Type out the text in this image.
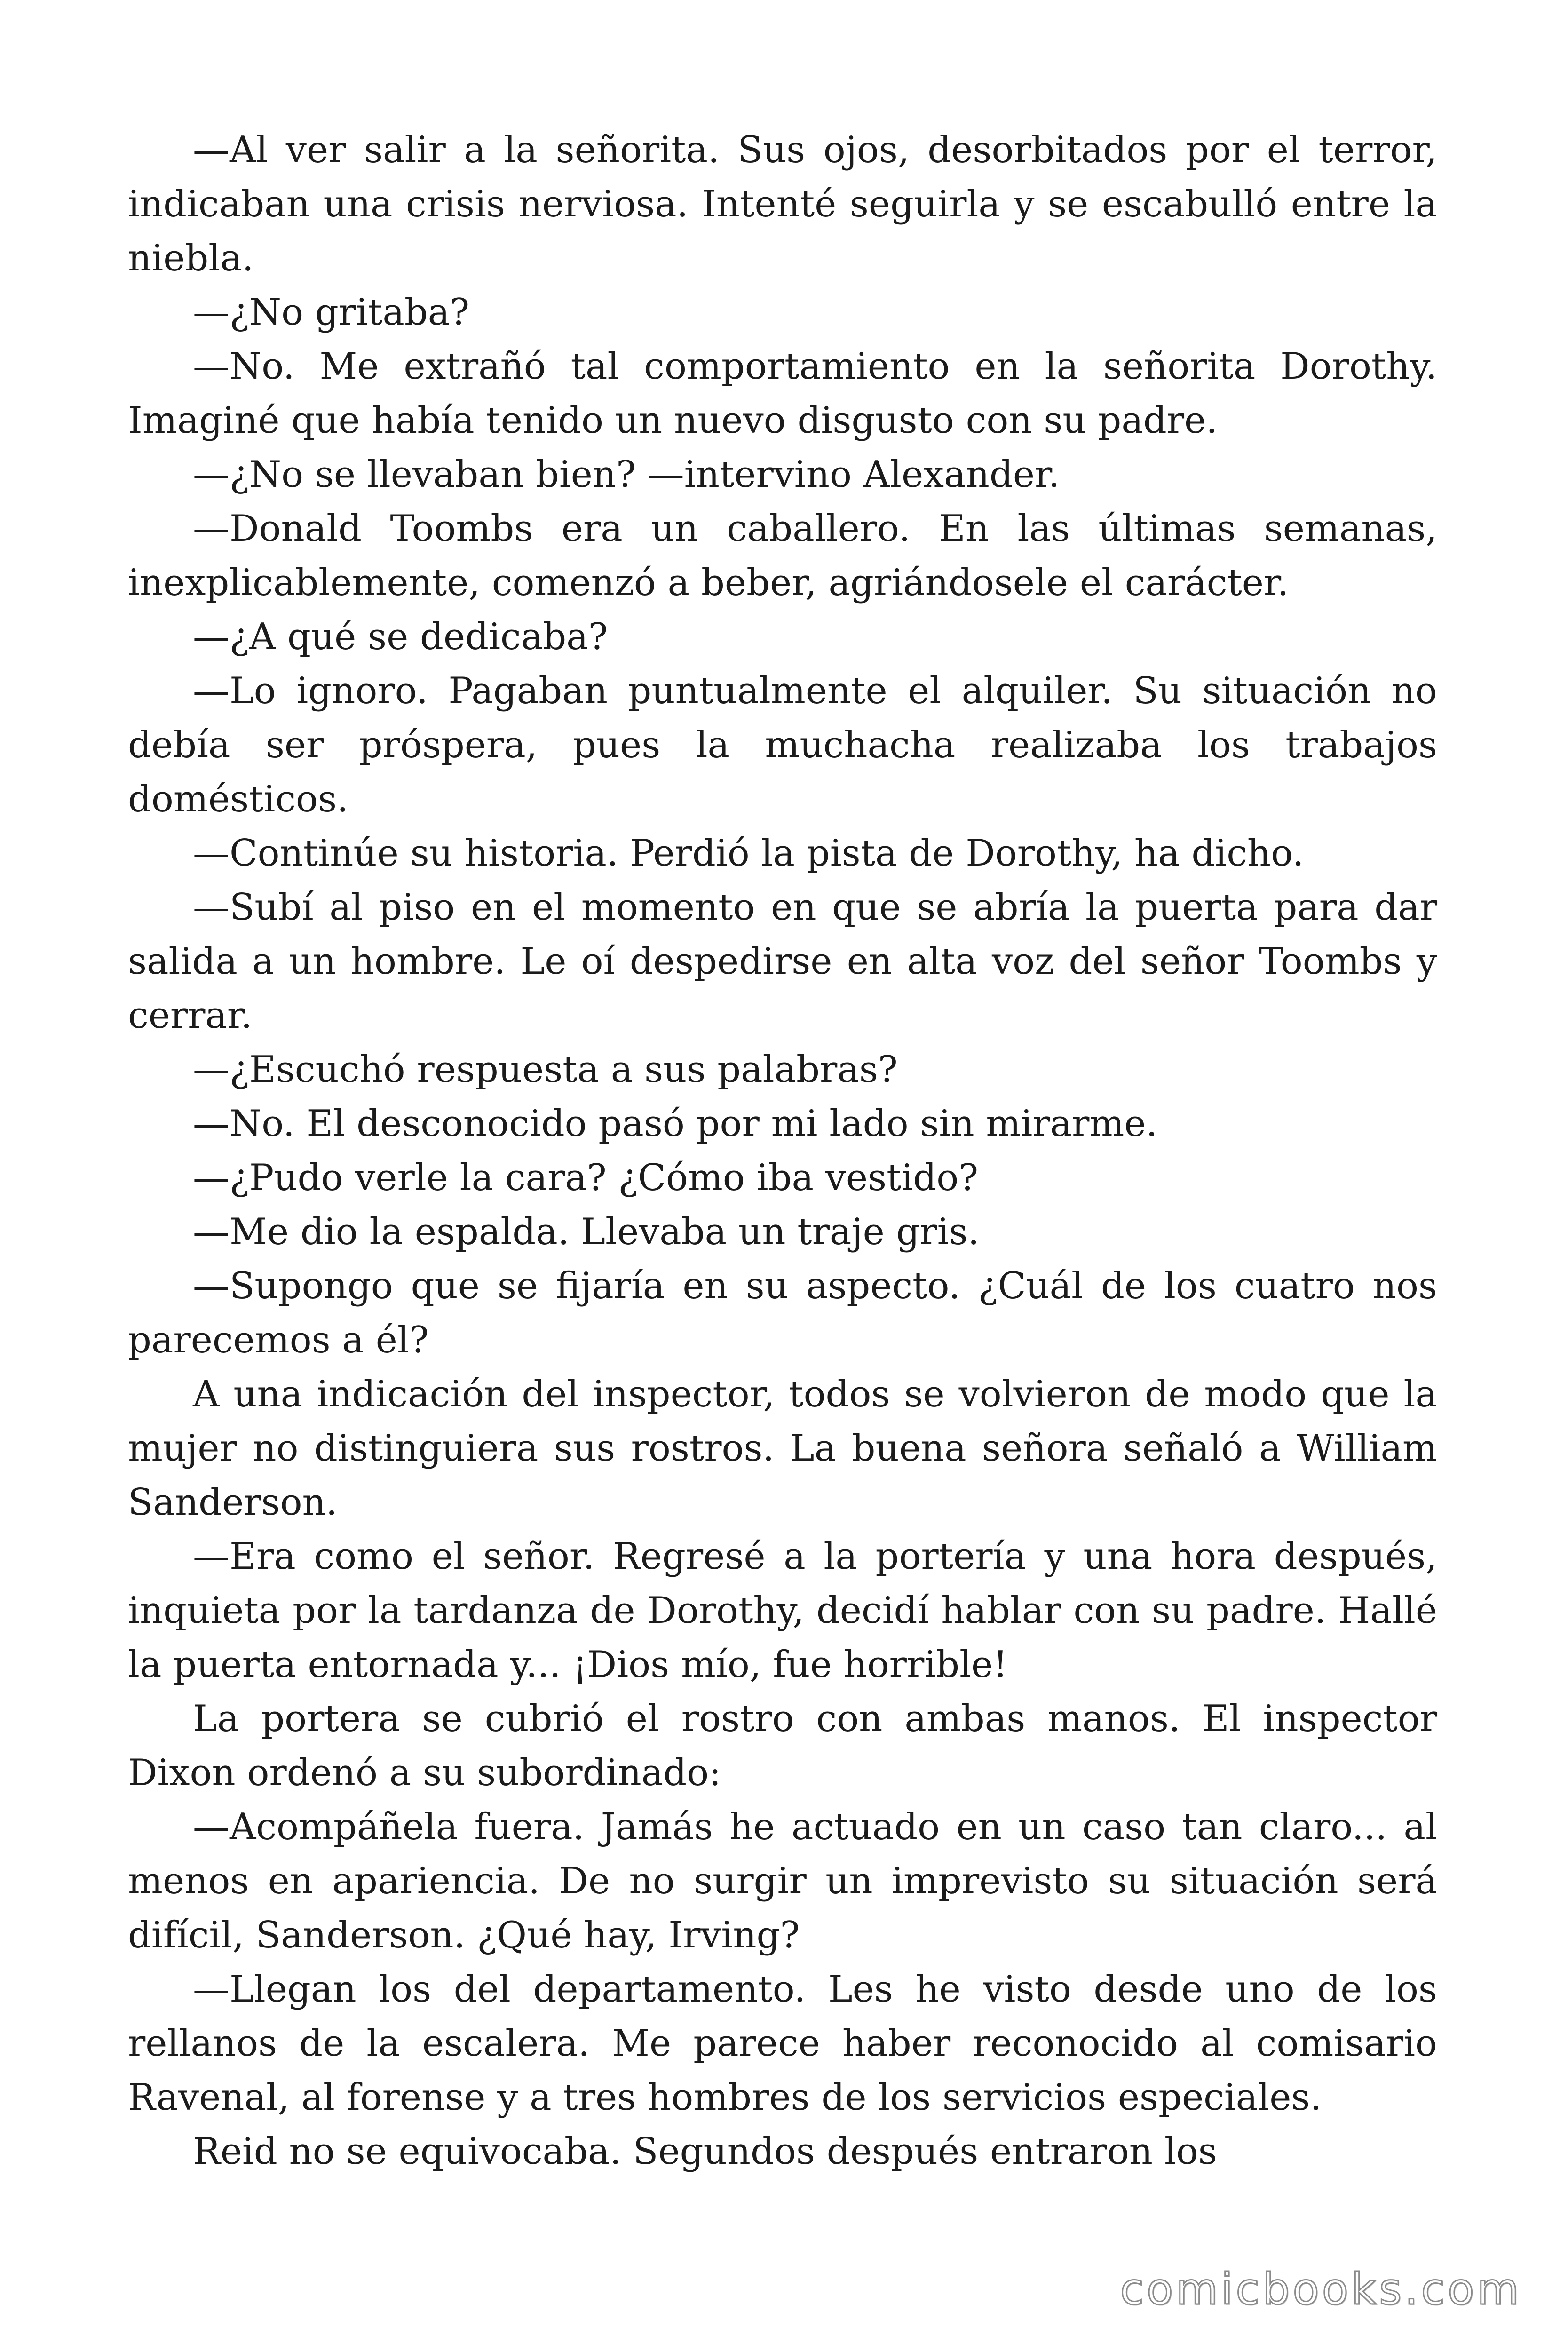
—Al ver salir a la señorita. Sus ojos, desorbitados por el terror, indicaban una crisis nerviosa. Intenté seguirla y se escabulló entre la niebla.

—¿No gritaba?

—No. Me extrañó tal comportamiento en la señorita Dorothy. Imaginé que había tenido un nuevo disgusto con su padre.

—¿No se llevaban bien? —intervino Alexander.

—Donald Toombs era un caballero. En las últimas semanas, inexplicablemente, comenzó a beber, agriándosele el carácter.

—¿A qué se dedicaba?

—Lo ignoro. Pagaban puntualmente el alquiler. Su situación no debía ser próspera, pues la muchacha realizaba los trabajos domésticos.

—Continúe su historia. Perdió la pista de Dorothy, ha dicho.

—Subí al piso en el momento en que se abría la puerta para dar salida a un hombre. Le oí despedirse en alta voz del señor Toombs y cerrar.

—¿Escuchó respuesta a sus palabras?

—No. El desconocido pasó por mi lado sin mirarme.

—¿Pudo verle la cara? ¿Cómo iba vestido?

—Me dio la espalda. Llevaba un traje gris.

—Supongo que se fijaría en su aspecto. ¿Cuál de los cuatro nos parecemos a él?

A una indicación del inspector, todos se volvieron de modo que la mujer no distinguiera sus rostros. La buena señora señaló a William Sanderson.

—Era como el señor. Regresé a la portería y una hora después, inquieta por la tardanza de Dorothy, decidí hablar con su padre. Hallé la puerta entornada y... ¡Dios mío, fue horrible!

La portera se cubrió el rostro con ambas manos. El inspector Dixon ordenó a su subordinado:

—Acompáñela fuera. Jamás he actuado en un caso tan claro... al menos en apariencia. De no surgir un imprevisto su situación será difícil, Sanderson. ¿Qué hay, Irving?

—Llegan los del departamento. Les he visto desde uno de los rellanos de la escalera. Me parece haber reconocido al comisario Ravenal, al forense y a tres hombres de los servicios especiales.

Reid no se equivocaba. Segundos después entraron los

comicbooks.com
